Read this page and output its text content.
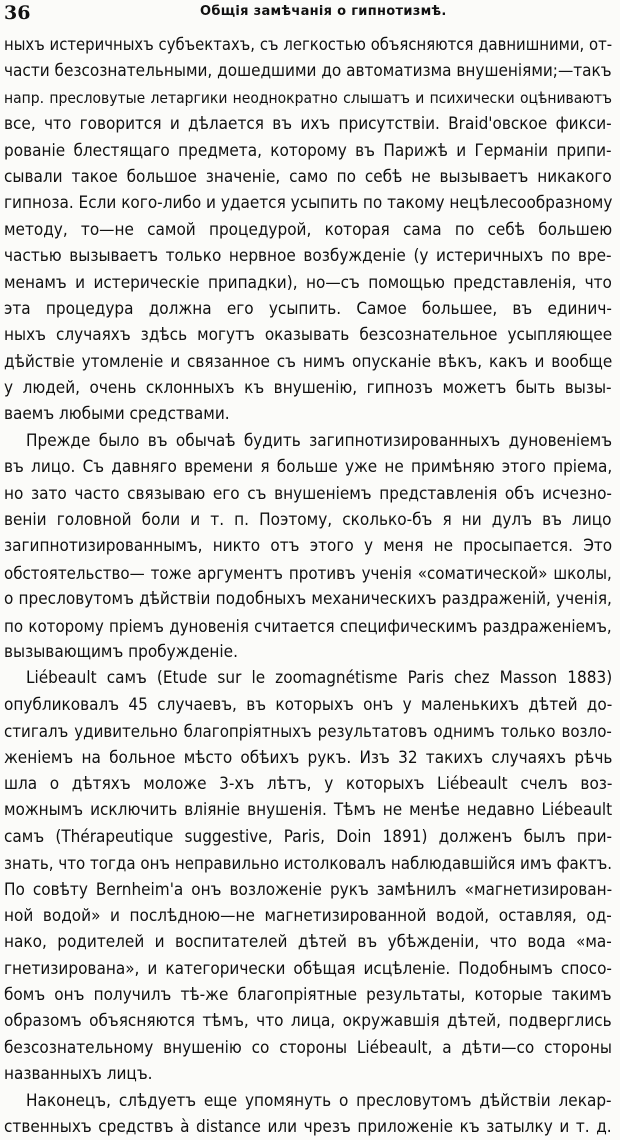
36	Общія замѣчанія о гипнотизмѣ.
ныхъ истеричныхъ субъектахъ, съ легкостью объясняются давнишними, от-
части безсознательными, дошедшими до автоматизма внушеніями;—такъ
напр. пресловутые летаргики неоднократно слышатъ и психически оцѣниваютъ
все, что говорится и дѣлается въ ихъ присутствіи. Braid'овское фикси-
рованіе блестящаго предмета, которому въ Парижѣ и Германіи припи-
сывали такое большое значеніе, само по себѣ не вызываетъ никакого
гипноза. Если кого-либо и удается усыпить по такому нецѣлесообразному
методу, то—не самой процедурой, которая сама по себѣ большею
частью вызываетъ только нервное возбужденіе (у истеричныхъ по вре-
менамъ и истерическіе припадки), но—съ помощью представленія, что
эта процедура должна его усыпить. Самое большее, въ единич-
ныхъ случаяхъ здѣсь могутъ оказывать безсознательное усыпляющее
дѣйствіе утомленіе и связанное съ нимъ опусканіе вѣкъ, какъ и вообще
у людей, очень склонныхъ къ внушенію, гипнозъ можетъ быть вызы-
ваемъ любыми средствами.
Прежде было въ обычаѣ будить загипнотизированныхъ дуновеніемъ
въ лицо. Съ давняго времени я больше уже не примѣняю этого пріема,
но зато часто связываю его съ внушеніемъ представленія объ исчезно-
веніи головной боли и т. п. Поэтому, сколько-бъ я ни дулъ въ лицо
загипнотизированнымъ, никто отъ этого у меня не просыпается. Это
обстоятельство— тоже аргументъ противъ ученія «соматической» школы,
о пресловутомъ дѣйствіи подобныхъ механическихъ раздраженій, ученія,
по которому пріемъ дуновенія считается специфическимъ раздраженіемъ,
вызывающимъ пробужденіе.
Liébeault самъ (Etude sur le zoomagnétisme Paris chez Masson 1883)
опубликовалъ 45 случаевъ, въ которыхъ онъ у маленькихъ дѣтей до-
стигалъ удивительно благопріятныхъ результатовъ однимъ только возло-
женіемъ на больное мѣсто обѣихъ рукъ. Изъ 32 такихъ случаяхъ рѣчь
шла о дѣтяхъ моложе 3-хъ лѣтъ, у которыхъ Liébeault счелъ воз-
можнымъ исключить вліяніе внушенія. Тѣмъ не менѣе недавно Liébeault
самъ (Thérapeutique suggestive, Paris, Doin 1891) долженъ былъ при-
знать, что тогда онъ неправильно истолковалъ наблюдавшійся имъ фактъ.
По совѣту Bernheim'а онъ возложеніе рукъ замѣнилъ «магнетизирован-
ной водой» и послѣдною—не магнетизированной водой, оставляя, од-
нако, родителей и воспитателей дѣтей въ убѣжденіи, что вода «ма-
гнетизирована», и категорически обѣщая исцѣленіе. Подобнымъ спосо-
бомъ онъ получилъ тѣ-же благопріятные результаты, которые такимъ
образомъ объясняются тѣмъ, что лица, окружавшія дѣтей, подверглись
безсознательному внушенію со стороны Liébeault, а дѣти—со стороны
названныхъ лицъ.
Наконецъ, слѣдуетъ еще упомянуть о пресловутомъ дѣйствіи лекар-
ственныхъ средствъ à distance или чрезъ приложеніе къ затылку и т. д.
